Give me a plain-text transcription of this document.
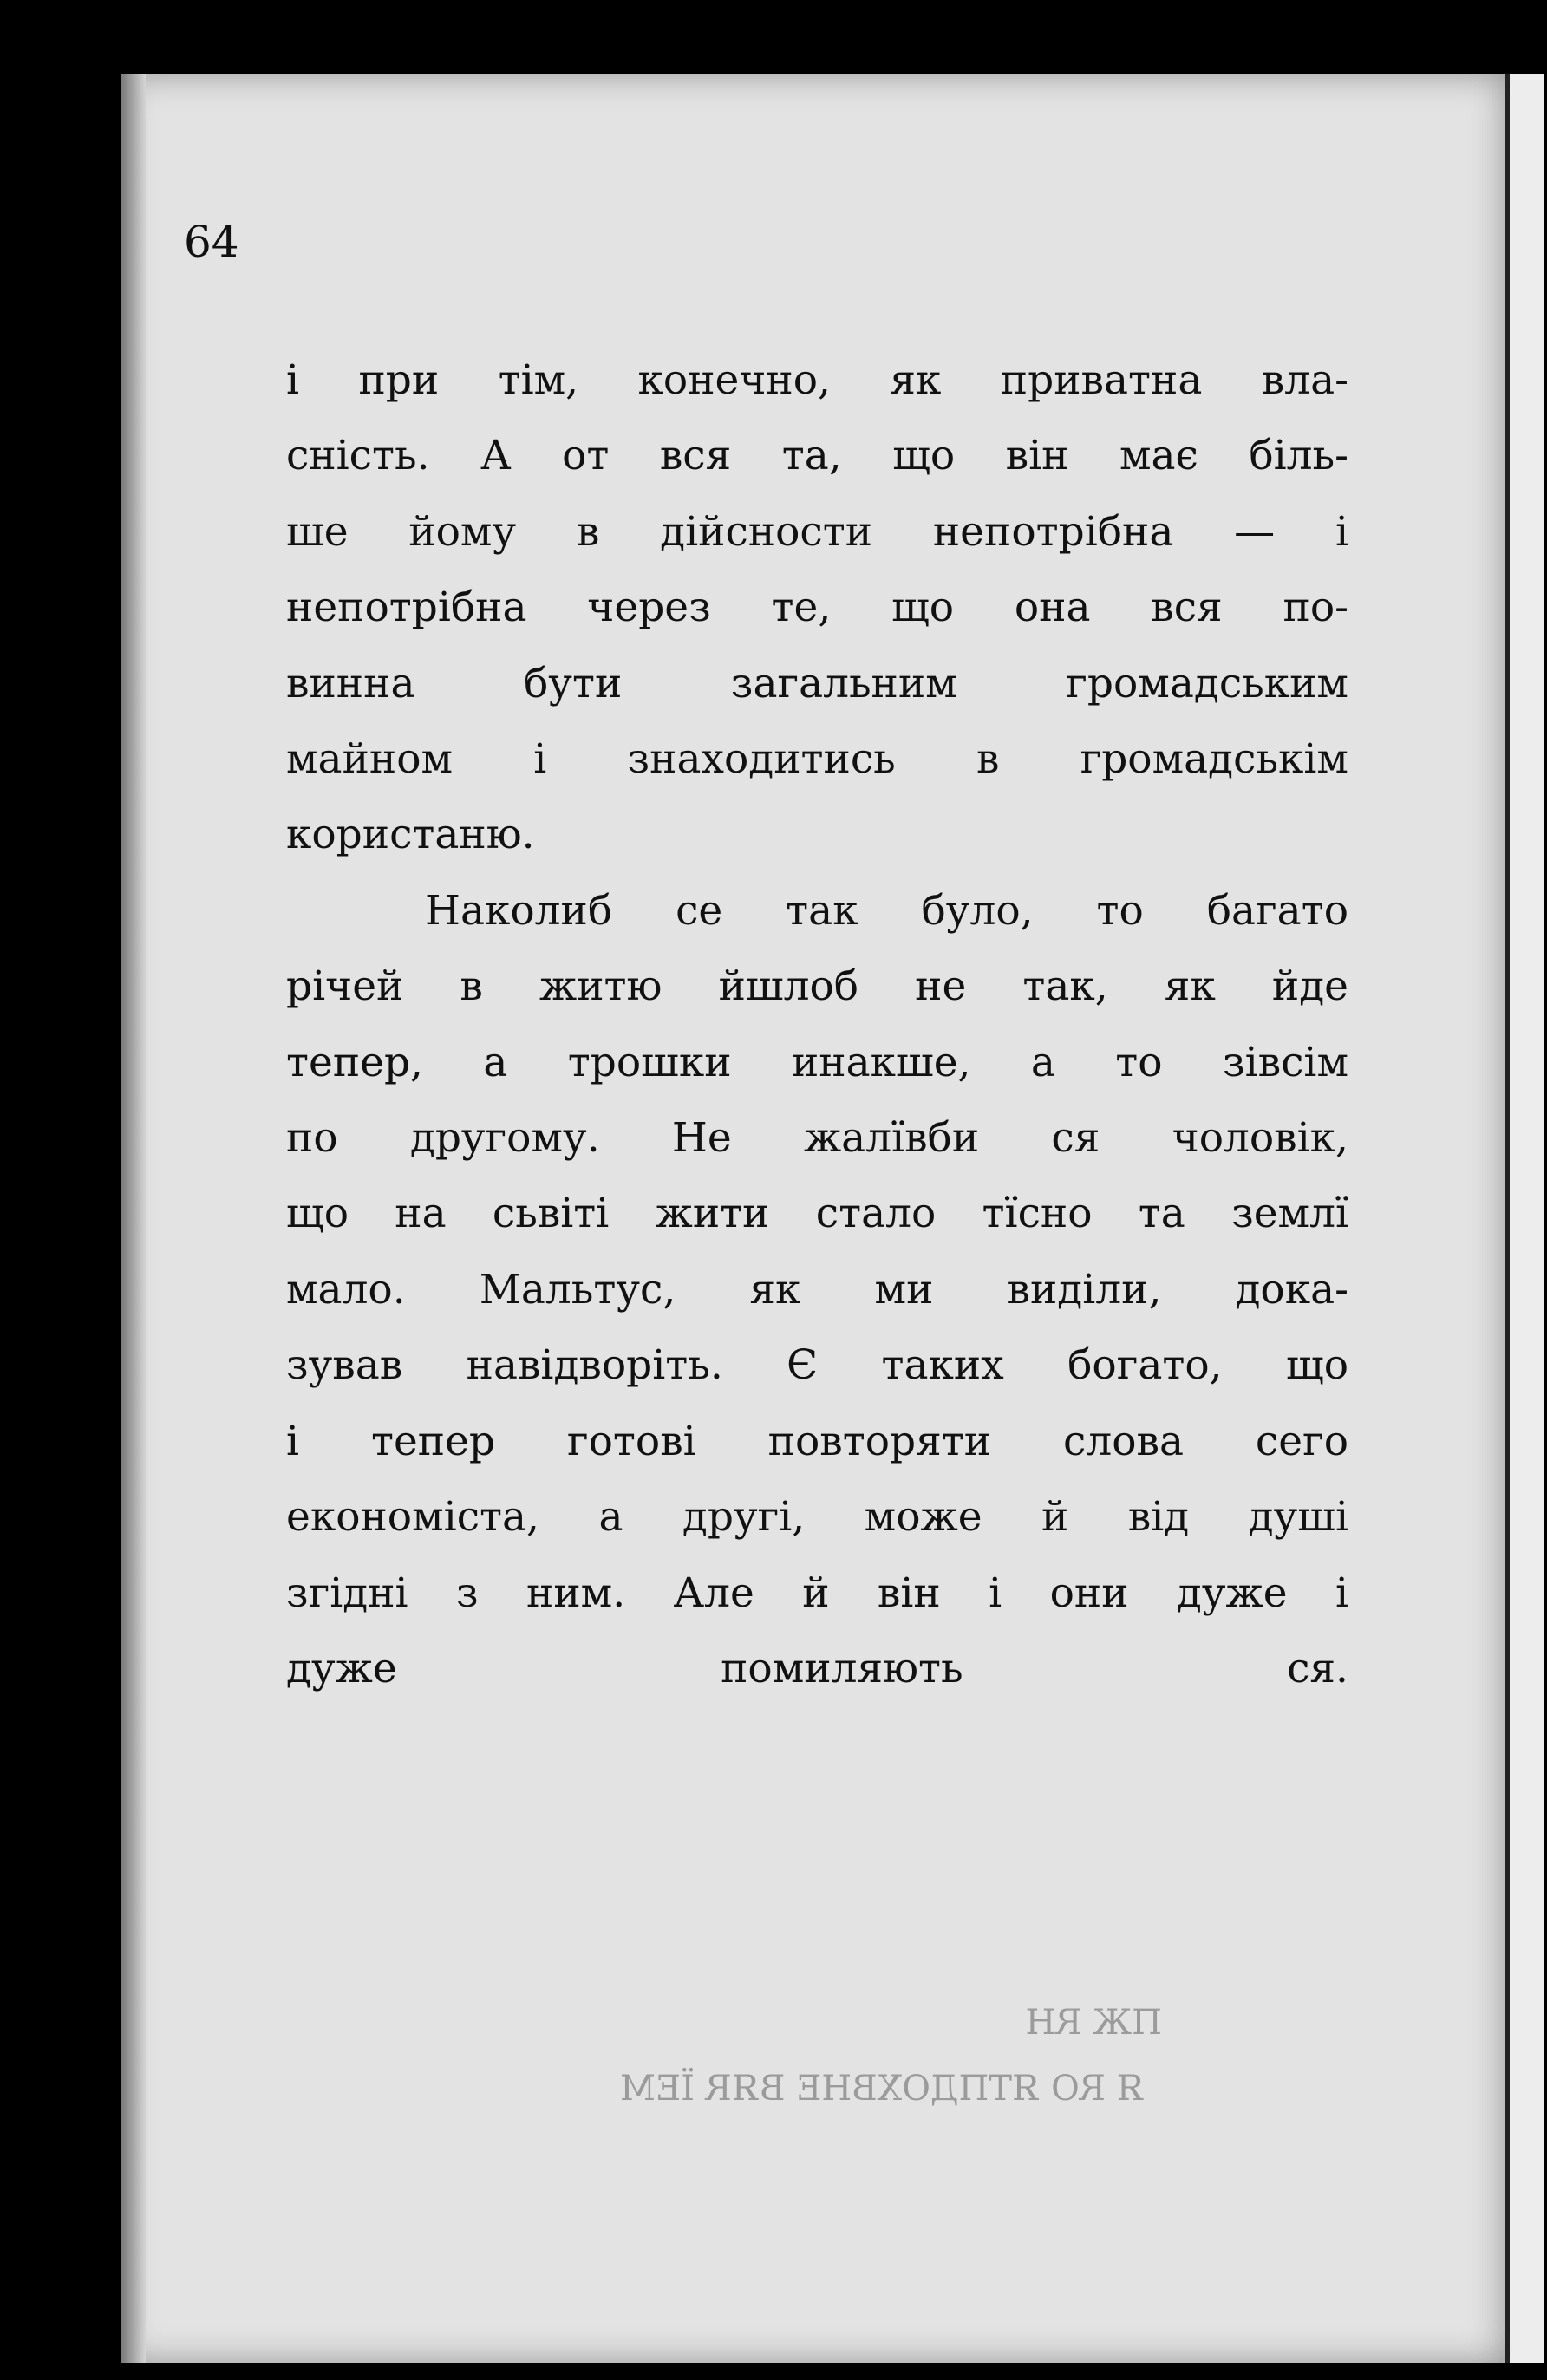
64
і при тім, конечно, як приватна вла-
сність. А от вся та, що він має біль-
ше йому в дійсности непотрібна — і
непотрібна через те, що она вся по-
винна бути загальним громадським
майном і знаходитись в громадськім
користаню.
Наколиб се так було, то багато
річей в житю йшлоб не так, як йде
тепер, а трошки инакше, а то зівсім
по другому. Не жалївби ся чоловік,
що на сьвіті жити стало тїсно та землї
мало. Мальтус, як ми виділи, дока-
зував навідворіть. Є таких богато, що
і тепер готові повторяти слова сего
економіста, а другі, може й від душі
згідні з ним. Але й він і они дуже і
дуже помиляють ся.
ПЖ RH
Я RO ЯТПДОХВНЕ ВЯR ЇЕМ
